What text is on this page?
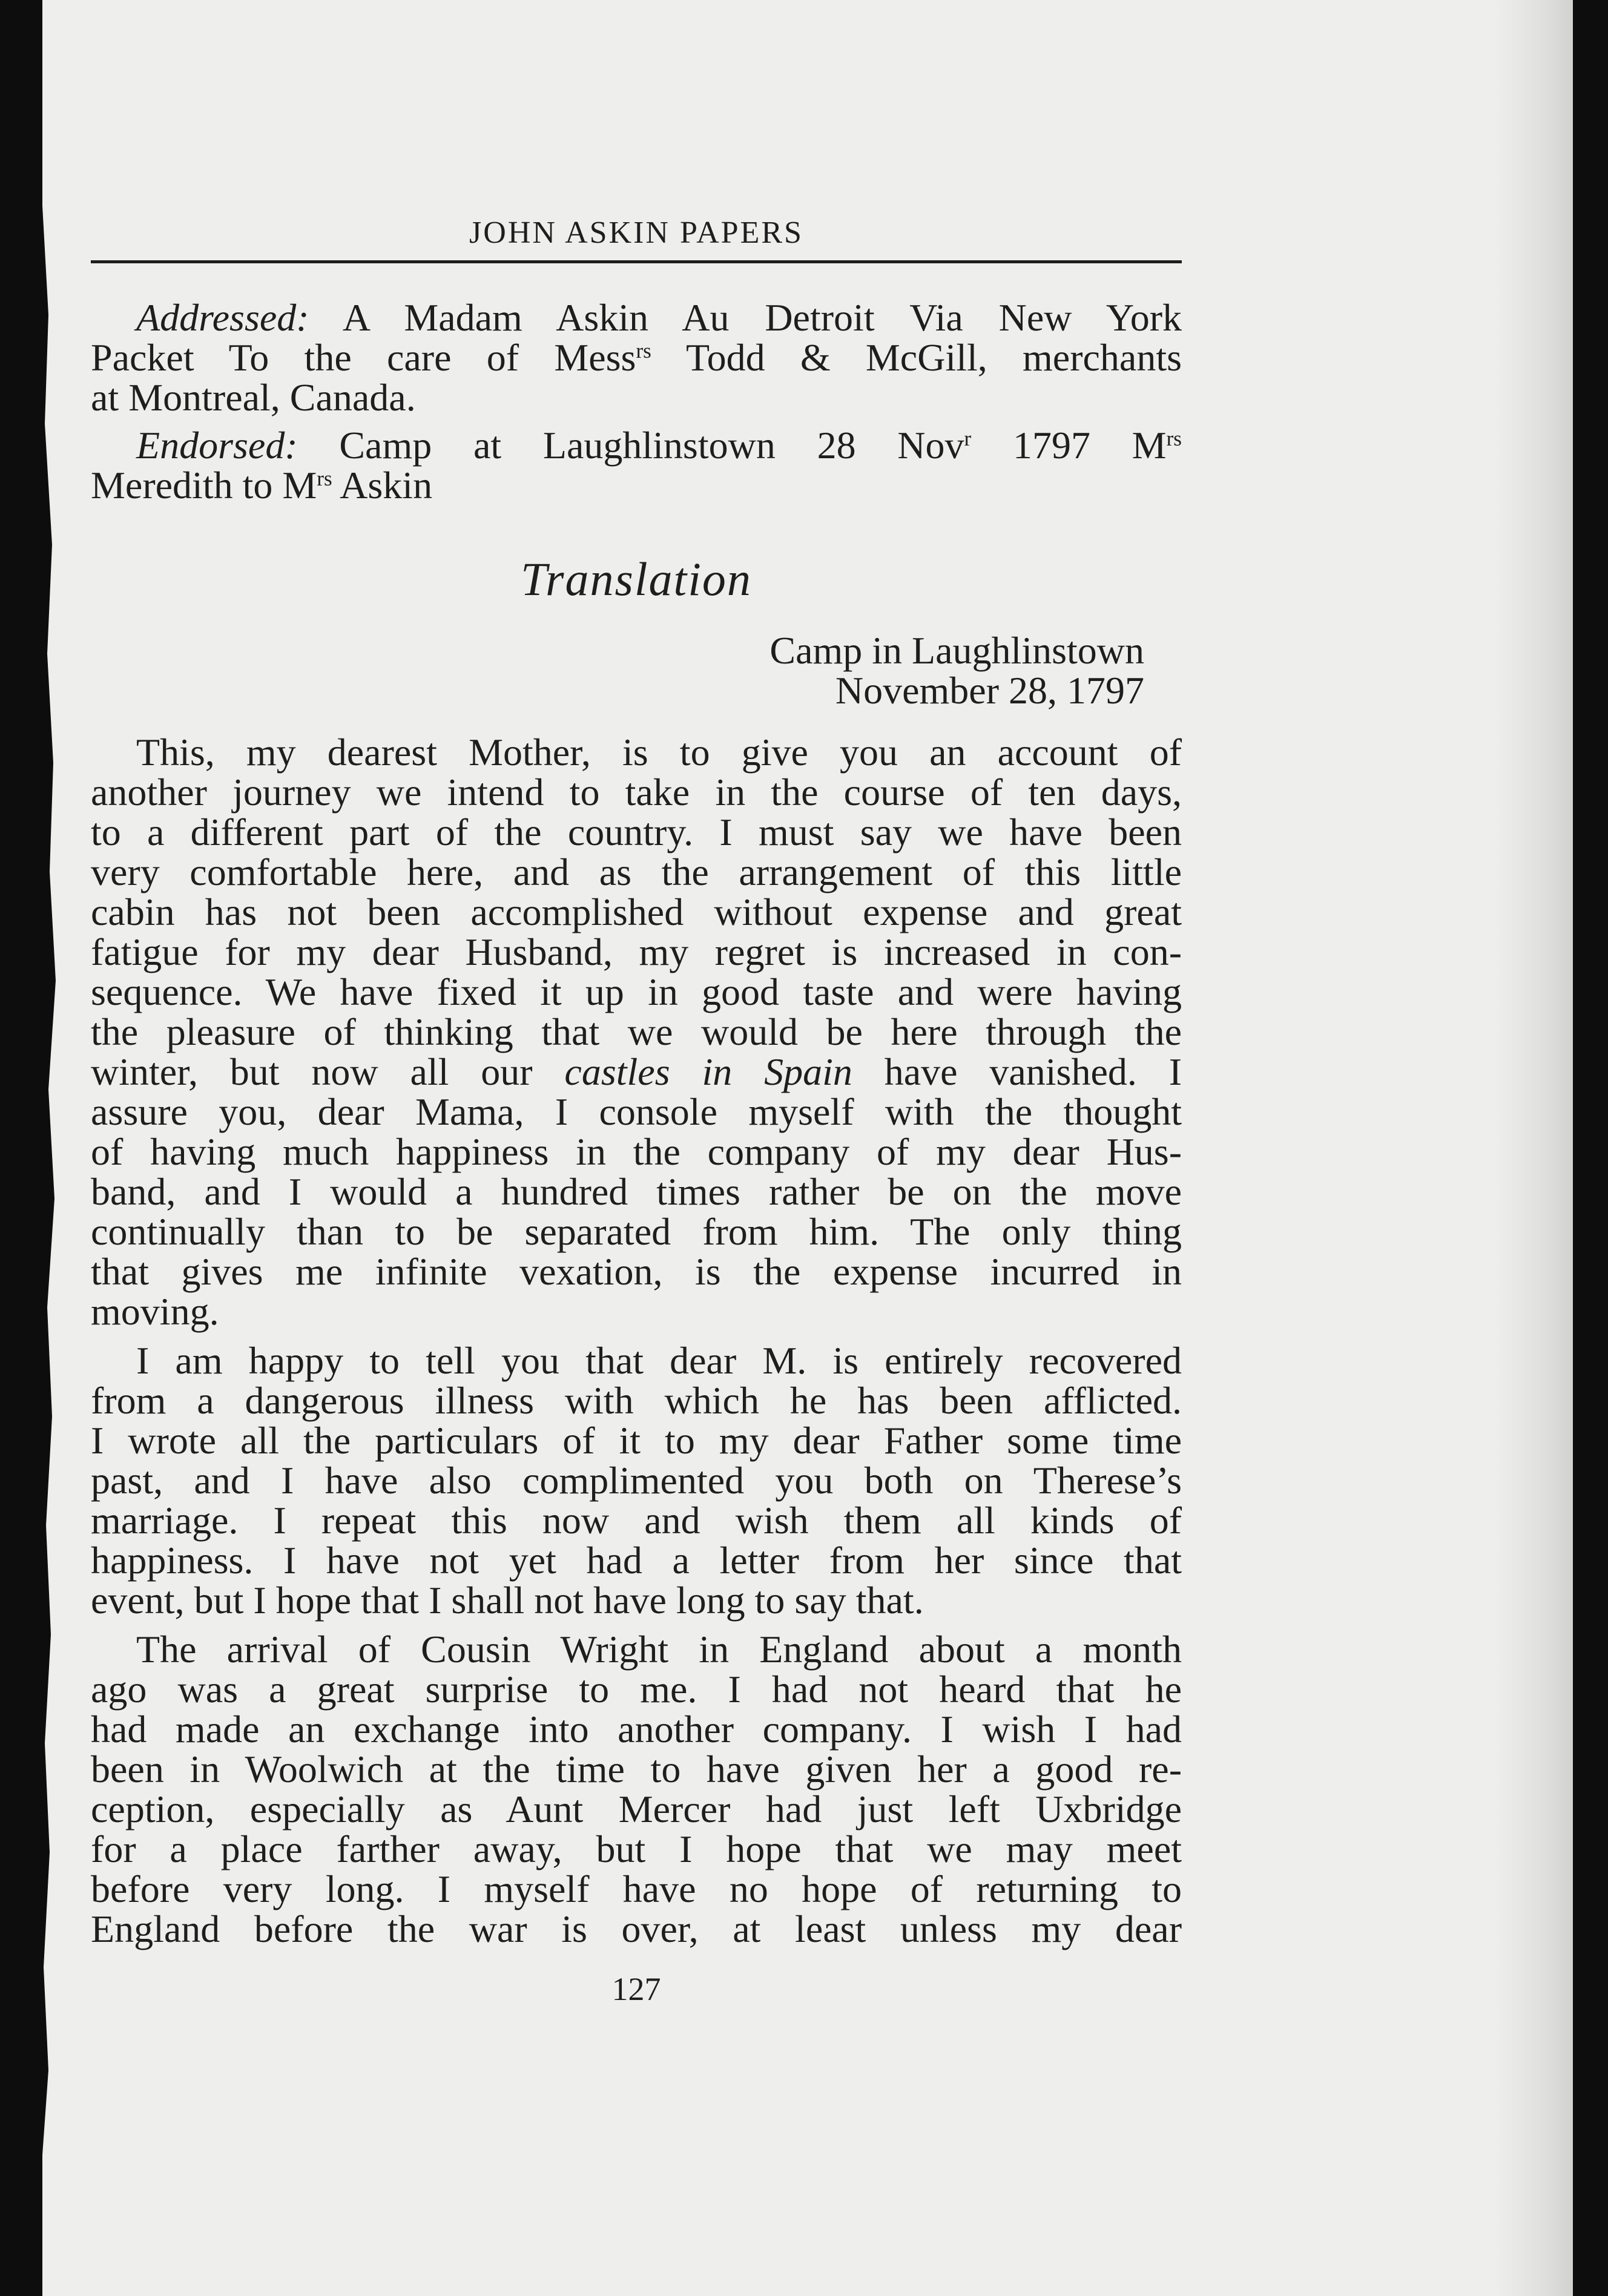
JOHN ASKIN PAPERS
Addressed: A Madam Askin Au Detroit Via New York
Packet To the care of Mess$^{rs}$ Todd & McGill, merchants
at Montreal, Canada.
Endorsed: Camp at Laughlinstown 28 Nov$^r$ 1797 $M^{rs}$
Meredith to $M^{rs}$ Askin
Translation
Camp in Laughlinstown
November 28, 1797
This, my dearest Mother, is to give you an account of
another journey we intend to take in the course of ten days,
to a different part of the country. I must say we have been
very comfortable here, and as the arrangement of this little
cabin has not been accomplished without expense and great
fatigue for my dear Husband, my regret is increased in con-
sequence. We have fixed it up in good taste and were having
the pleasure of thinking that we would be here through the
winter, but now all our castles in Spain have vanished. I
assure you, dear Mama, I console myself with the thought
of having much happiness in the company of my dear Hus-
band, and I would a hundred times rather be on the move
continually than to be separated from him. The only thing
that gives me infinite vexation, is the expense incurred in
moving.
I am happy to tell you that dear M. is entirely recovered
from a dangerous illness with which he has been afflicted.
I wrote all the particulars of it to my dear Father some time
past, and I have also complimented you both on Therese’s
marriage. I repeat this now and wish them all kinds of
happiness. I have not yet had a letter from her since that
event, but I hope that I shall not have long to say that.
The arrival of Cousin Wright in England about a month
ago was a great surprise to me. I had not heard that he
had made an exchange into another company. I wish I had
been in Woolwich at the time to have given her a good re-
ception, especially as Aunt Mercer had just left Uxbridge
for a place farther away, but I hope that we may meet
before very long. I myself have no hope of returning to
England before the war is over, at least unless my dear
127
